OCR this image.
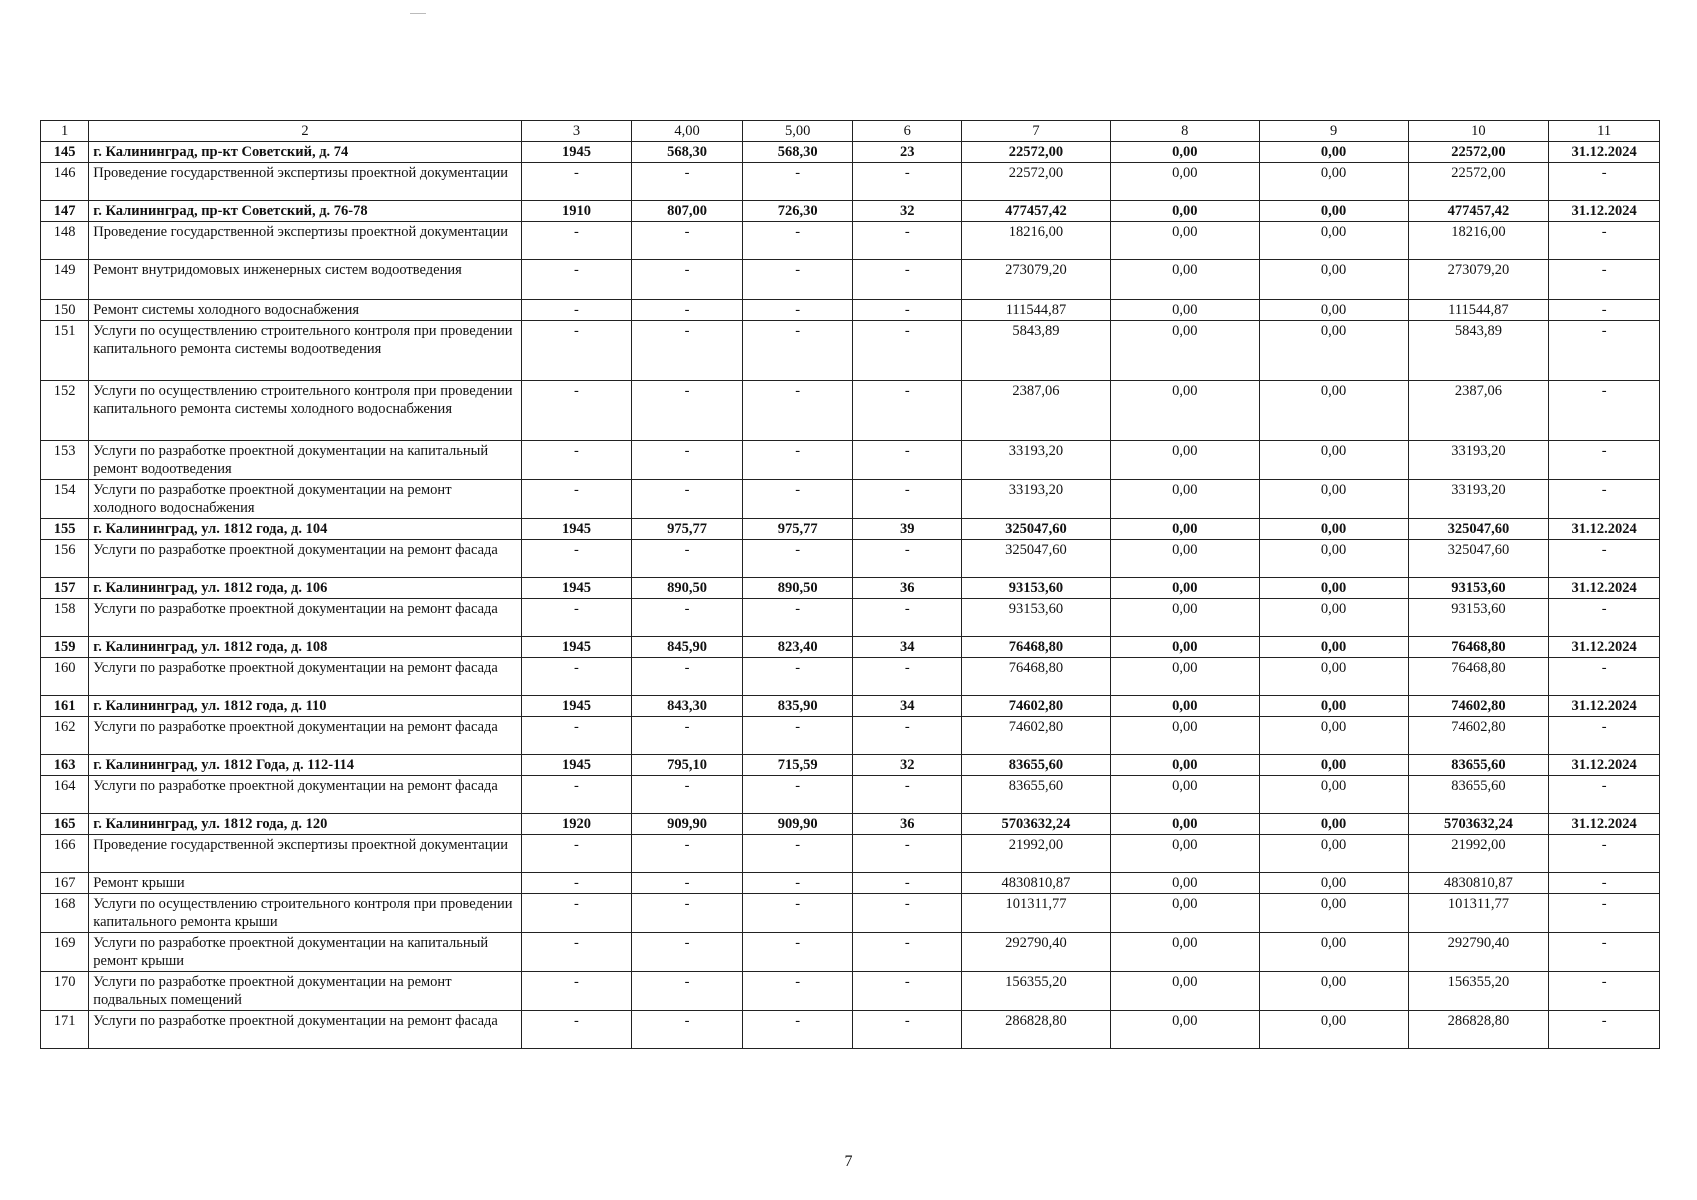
1	2	3	4,00	5,00	6	7	8	9	10	11
145	г. Калининград, пр-кт Советский, д. 74	1945	568,30	568,30	23	22572,00	0,00	0,00	22572,00	31.12.2024
146	Проведение государственной экспертизы проектной документации	-	-	-	-	22572,00	0,00	0,00	22572,00	-
147	г. Калининград, пр-кт Советский, д. 76-78	1910	807,00	726,30	32	477457,42	0,00	0,00	477457,42	31.12.2024
148	Проведение государственной экспертизы проектной документации	-	-	-	-	18216,00	0,00	0,00	18216,00	-
149	Ремонт внутридомовых инженерных систем водоотведения	-	-	-	-	273079,20	0,00	0,00	273079,20	-
150	Ремонт системы холодного водоснабжения	-	-	-	-	111544,87	0,00	0,00	111544,87	-
151	Услуги по осуществлению строительного контроля при проведении капитального ремонта системы водоотведения	-	-	-	-	5843,89	0,00	0,00	5843,89	-
152	Услуги по осуществлению строительного контроля при проведении капитального ремонта системы холодного водоснабжения	-	-	-	-	2387,06	0,00	0,00	2387,06	-
153	Услуги по разработке проектной документации на капитальный ремонт водоотведения	-	-	-	-	33193,20	0,00	0,00	33193,20	-
154	Услуги по разработке проектной документации на ремонт холодного водоснабжения	-	-	-	-	33193,20	0,00	0,00	33193,20	-
155	г. Калининград, ул. 1812 года, д. 104	1945	975,77	975,77	39	325047,60	0,00	0,00	325047,60	31.12.2024
156	Услуги по разработке проектной документации на ремонт фасада	-	-	-	-	325047,60	0,00	0,00	325047,60	-
157	г. Калининград, ул. 1812 года, д. 106	1945	890,50	890,50	36	93153,60	0,00	0,00	93153,60	31.12.2024
158	Услуги по разработке проектной документации на ремонт фасада	-	-	-	-	93153,60	0,00	0,00	93153,60	-
159	г. Калининград, ул. 1812 года, д. 108	1945	845,90	823,40	34	76468,80	0,00	0,00	76468,80	31.12.2024
160	Услуги по разработке проектной документации на ремонт фасада	-	-	-	-	76468,80	0,00	0,00	76468,80	-
161	г. Калининград, ул. 1812 года, д. 110	1945	843,30	835,90	34	74602,80	0,00	0,00	74602,80	31.12.2024
162	Услуги по разработке проектной документации на ремонт фасада	-	-	-	-	74602,80	0,00	0,00	74602,80	-
163	г. Калининград, ул. 1812 Года, д. 112-114	1945	795,10	715,59	32	83655,60	0,00	0,00	83655,60	31.12.2024
164	Услуги по разработке проектной документации на ремонт фасада	-	-	-	-	83655,60	0,00	0,00	83655,60	-
165	г. Калининград, ул. 1812 года, д. 120	1920	909,90	909,90	36	5703632,24	0,00	0,00	5703632,24	31.12.2024
166	Проведение государственной экспертизы проектной документации	-	-	-	-	21992,00	0,00	0,00	21992,00	-
167	Ремонт крыши	-	-	-	-	4830810,87	0,00	0,00	4830810,87	-
168	Услуги по осуществлению строительного контроля при проведении капитального ремонта крыши	-	-	-	-	101311,77	0,00	0,00	101311,77	-
169	Услуги по разработке проектной документации на капитальный ремонт крыши	-	-	-	-	292790,40	0,00	0,00	292790,40	-
170	Услуги по разработке проектной документации на ремонт подвальных помещений	-	-	-	-	156355,20	0,00	0,00	156355,20	-
171	Услуги по разработке проектной документации на ремонт фасада	-	-	-	-	286828,80	0,00	0,00	286828,80	-
7
